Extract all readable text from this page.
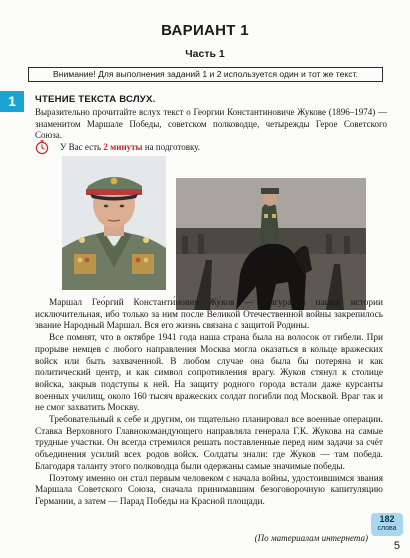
ВАРИАНТ 1
Часть 1
Внимание! Для выполнения заданий 1 и 2 используется один и тот же текст.
1	ЧТЕНИЕ ТЕКСТА ВСЛУХ.
Выразительно прочитайте вслух текст о Георгии Константиновиче Жукове (1896–1974) — знаменитом Маршале Победы, советском полководце, четырежды Герое Советского Союза.
У Вас есть 2 минуты на подготовку.

Маршал Гео́ргий Константи́нович Жу́ков — фигура в нашей истории исключительная, ибо только за ним после Великой Отечественной войны закрепилось звание Народный Маршал. Вся его жизнь связана с защитой Родины.

Все помнят, что в октябре 1941 года наша страна была на волосок от гибели. При прорыве немцев с любого направления Москва могла оказаться в кольце вражеских войск или быть захваченной. В любом случае она была бы потеряна и как политический центр, и как символ сопротивления врагу. Жуков стянул к столице войска, закрыв подступы к ней. На защиту родного города встали даже курсанты военных училищ, около 160 тысяч вражеских солдат погибли под Москвой. Враг так и не смог захватить Москву.

Требовательный к себе и другим, он тщательно планировал все военные операции. Ставка Верховного Главнокомандующего направляла генерала Г.К. Жукова на самые трудные участки. Он всегда стремился решать поставленные перед ним задачи за счёт объединения усилий всех родов войск. Солдаты знали: где Жуков — там победа. Благодаря таланту этого полководца были одержаны самые значимые победы.

Поэтому именно он стал первым человеком с начала войны, удостоившимся звания Маршала Советского Союза, сначала принимавшим безоговорочную капитуляцию Германии, а затем — Парад Победы на Красной площади.

(По материалам интернета)
182
слова
5
